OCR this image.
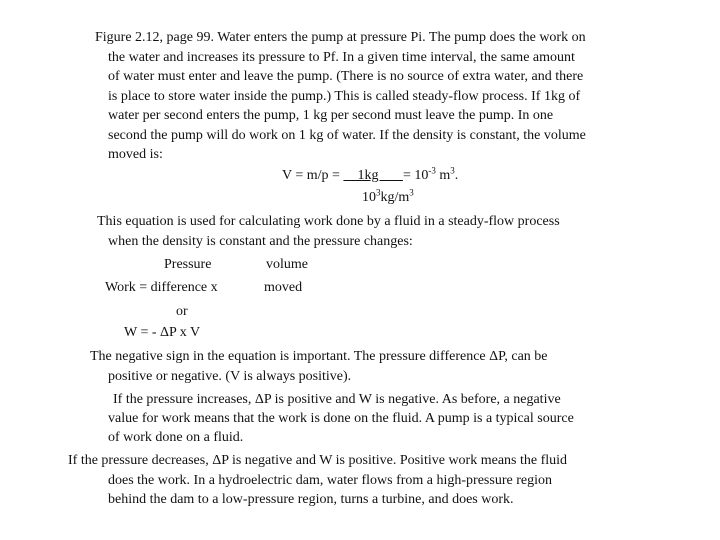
Figure 2.12, page 99. Water enters the pump at pressure Pi. The pump does the work on
the water and increases its pressure to Pf. In a given time interval, the same amount
of water must enter and leave the pump. (There is no source of extra water, and there
is place to store water inside the pump.) This is called steady-flow process. If 1kg of
water per second enters the pump, 1 kg per second must leave the pump. In one
second the pump will do work on 1 kg of water. If the density is constant, the volume
moved is:
V = m/p =     1kg       = $10^{-3}$ $m^3$.
$10^3kg/m^3$
This equation is used for calculating work done by a fluid in a steady-flow process
when the density is constant and the pressure changes:
Pressure	volume
Work = difference x	moved
or
W = - ΔP x V
The negative sign in the equation is important. The pressure difference ΔP, can be
positive or negative. (V is always positive).
If the pressure increases, ΔP is positive and W is negative. As before, a negative
value for work means that the work is done on the fluid. A pump is a typical source
of work done on a fluid.
If the pressure decreases, ΔP is negative and W is positive. Positive work means the fluid
does the work. In a hydroelectric dam, water flows from a high-pressure region
behind the dam to a low-pressure region, turns a turbine, and does work.
